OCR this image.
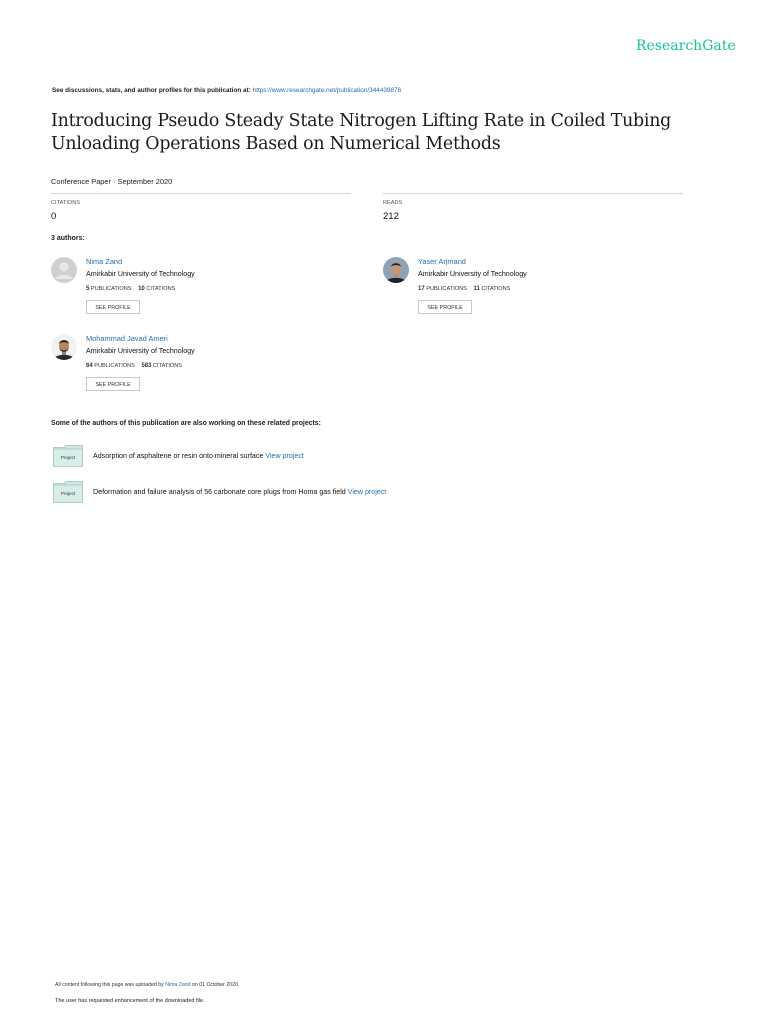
ResearchGate
See discussions, stats, and author profiles for this publication at: https://www.researchgate.net/publication/344439876
Introducing Pseudo Steady State Nitrogen Lifting Rate in Coiled Tubing Unloading Operations Based on Numerical Methods
Conference Paper · September 2020
CITATIONS
0
READS
212
3 authors:
Nima Zand
Amirkabir University of Technology
5 PUBLICATIONS 10 CITATIONS
SEE PROFILE
Yaser Arjmand
Amirkabir University of Technology
17 PUBLICATIONS 11 CITATIONS
SEE PROFILE
Mohammad Javad Ameri
Amirkabir University of Technology
64 PUBLICATIONS 583 CITATIONS
SEE PROFILE
Some of the authors of this publication are also working on these related projects:
Project	Adsorption of asphaltene or resin onto mineral surface View project
Project	Deformation and failure analysis of 56 carbonate core plugs from Homa gas field View project
All content following this page was uploaded by Nima Zand on 01 October 2020.
The user has requested enhancement of the downloaded file.
